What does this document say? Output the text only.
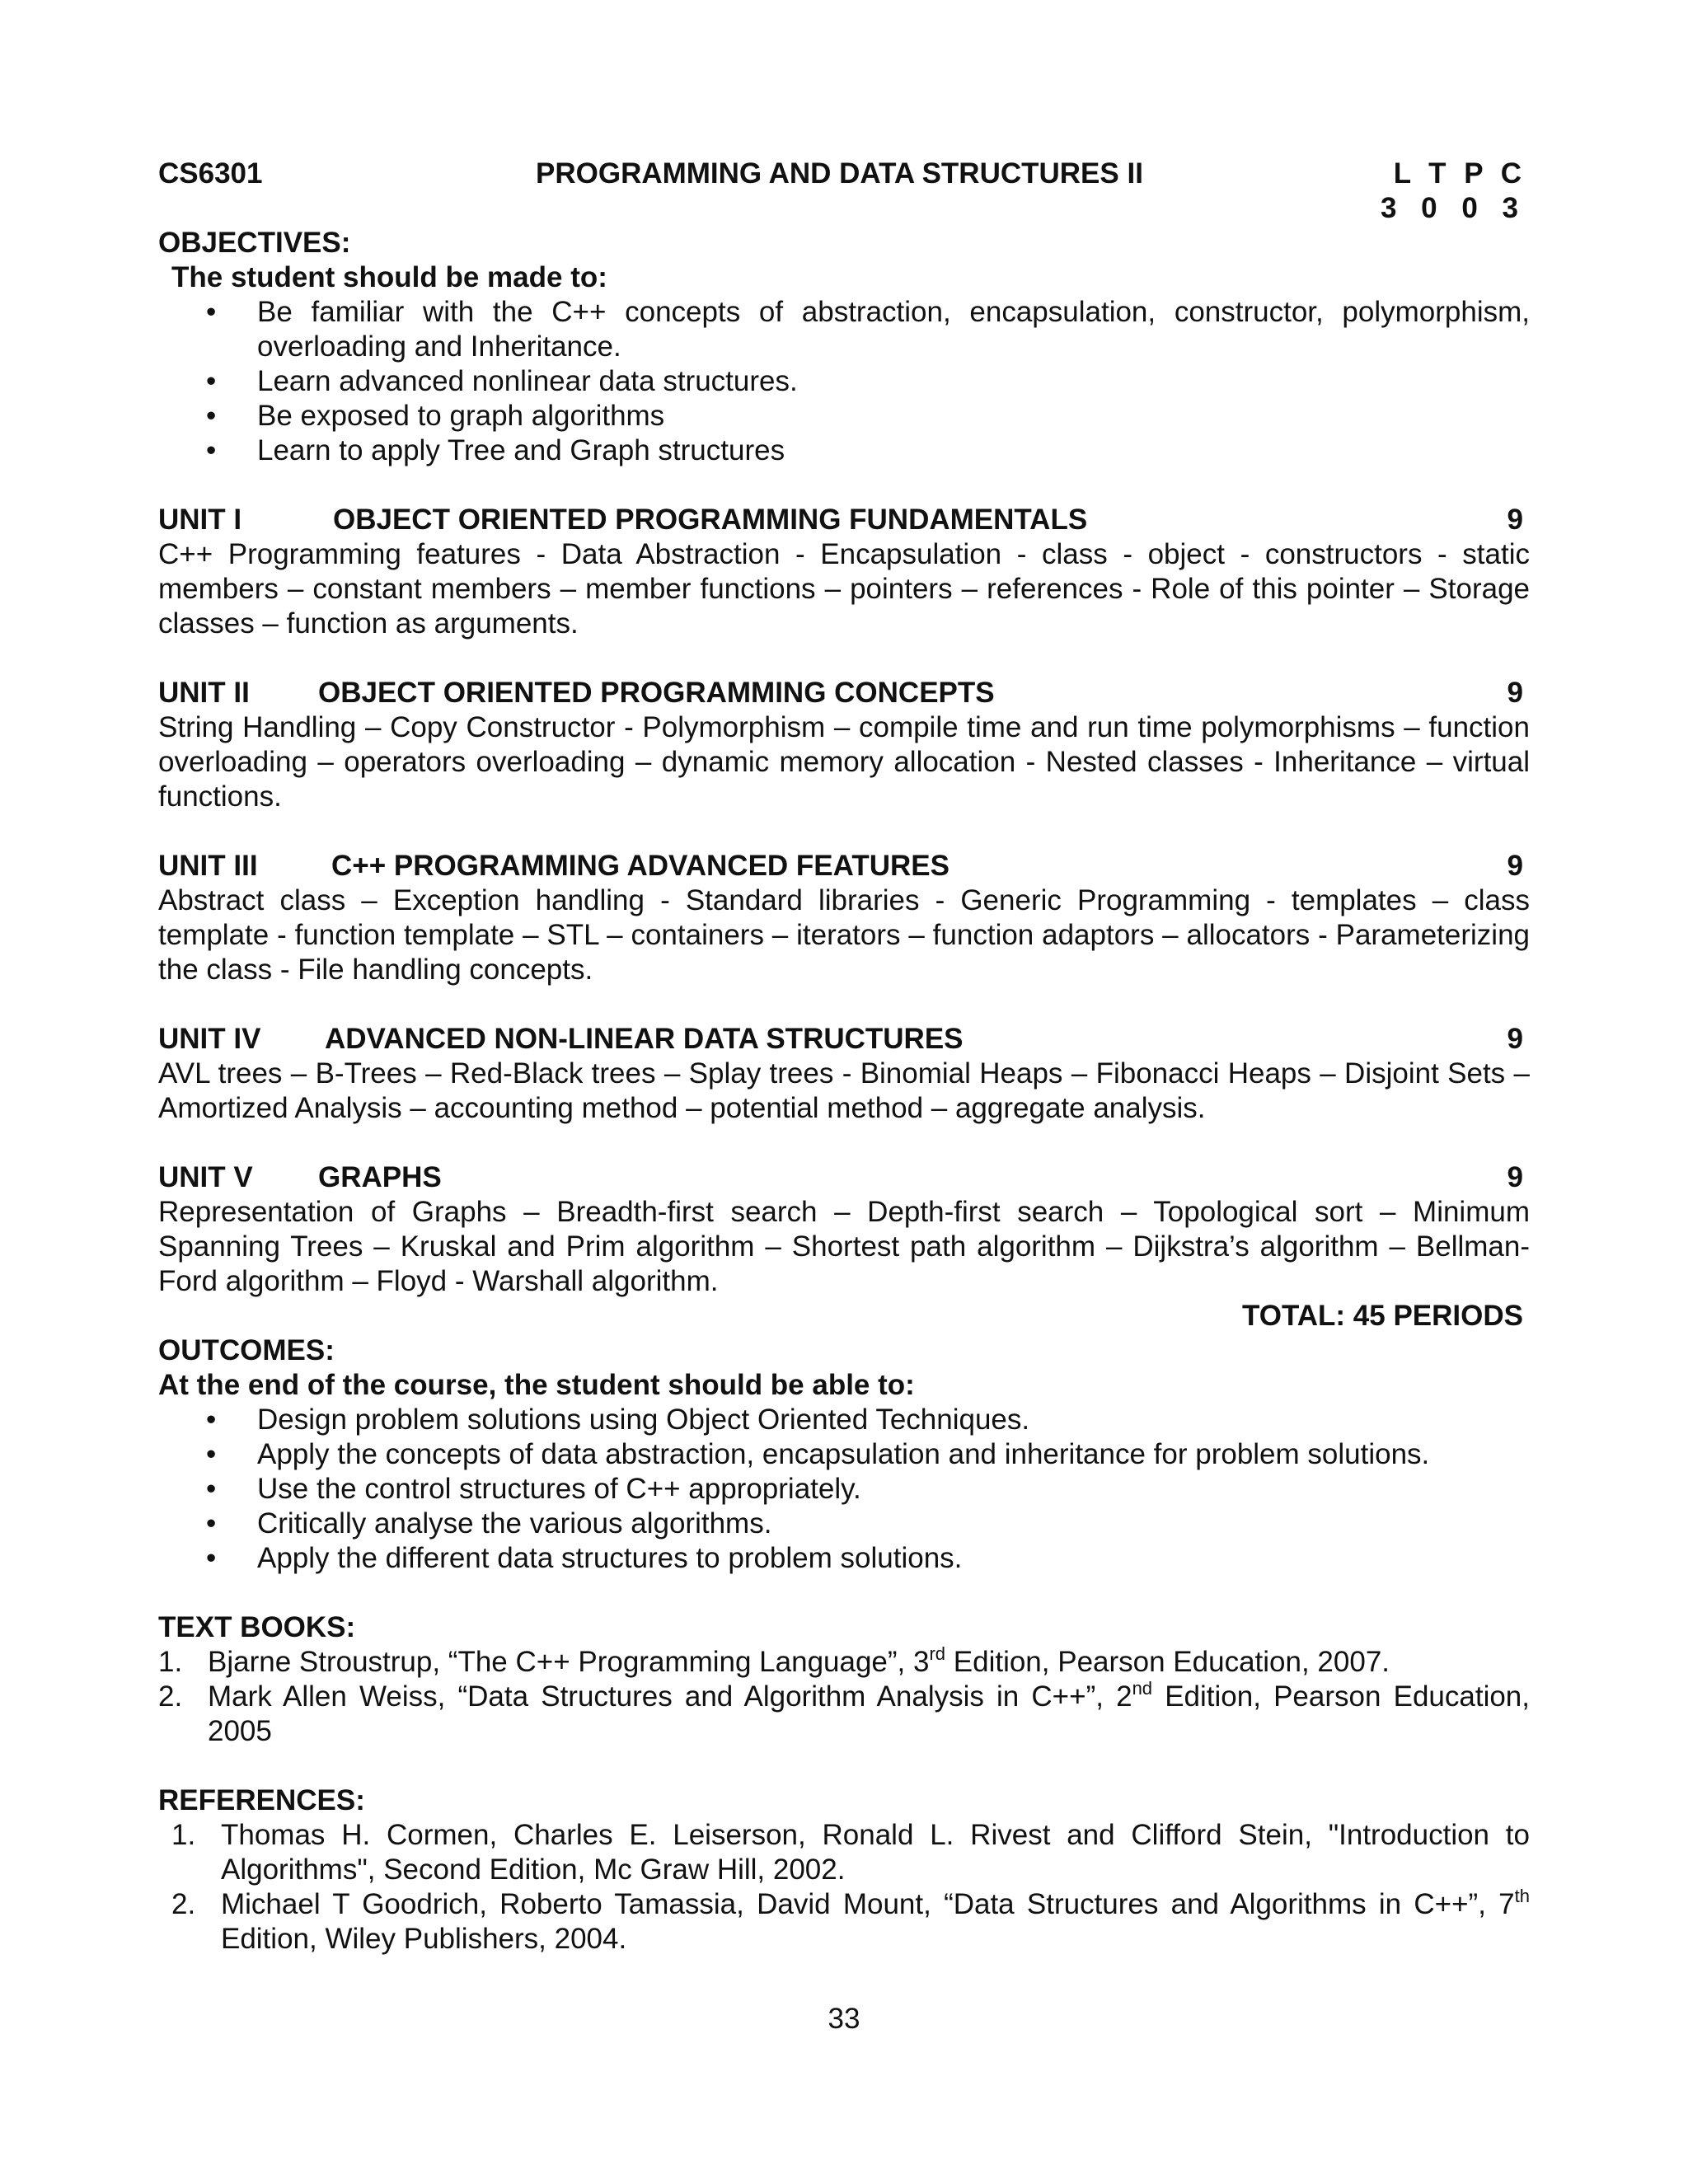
CS6301	PROGRAMMING AND DATA STRUCTURES II	L T P C
3 0 0 3
OBJECTIVES:
The student should be made to:
• Be familiar with the C++ concepts of abstraction, encapsulation, constructor, polymorphism, overloading and Inheritance.
• Learn advanced nonlinear data structures.
• Be exposed to graph algorithms
• Learn to apply Tree and Graph structures
UNIT I	OBJECT ORIENTED PROGRAMMING FUNDAMENTALS	9
C++ Programming features - Data Abstraction - Encapsulation - class - object - constructors - static members – constant members – member functions – pointers – references - Role of this pointer – Storage classes – function as arguments.
UNIT II OBJECT ORIENTED PROGRAMMING CONCEPTS	9
String Handling – Copy Constructor - Polymorphism – compile time and run time polymorphisms – function overloading – operators overloading – dynamic memory allocation - Nested classes - Inheritance – virtual functions.
UNIT III	C++ PROGRAMMING ADVANCED FEATURES	9
Abstract class – Exception handling - Standard libraries - Generic Programming - templates – class template - function template – STL – containers – iterators – function adaptors – allocators - Parameterizing the class - File handling concepts.
UNIT IV ADVANCED NON-LINEAR DATA STRUCTURES	9
AVL trees – B-Trees – Red-Black trees – Splay trees - Binomial Heaps – Fibonacci Heaps – Disjoint Sets – Amortized Analysis – accounting method – potential method – aggregate analysis.
UNIT V GRAPHS	9
Representation of Graphs – Breadth-first search – Depth-first search – Topological sort – Minimum Spanning Trees – Kruskal and Prim algorithm – Shortest path algorithm – Dijkstra’s algorithm – Bellman-Ford algorithm – Floyd - Warshall algorithm.
TOTAL: 45 PERIODS
OUTCOMES:
At the end of the course, the student should be able to:
• Design problem solutions using Object Oriented Techniques.
• Apply the concepts of data abstraction, encapsulation and inheritance for problem solutions.
• Use the control structures of C++ appropriately.
• Critically analyse the various algorithms.
• Apply the different data structures to problem solutions.
TEXT BOOKS:
1. Bjarne Stroustrup, “The C++ Programming Language”, 3rd Edition, Pearson Education, 2007.
2. Mark Allen Weiss, “Data Structures and Algorithm Analysis in C++”, 2nd Edition, Pearson Education, 2005
REFERENCES:
1. Thomas H. Cormen, Charles E. Leiserson, Ronald L. Rivest and Clifford Stein, "Introduction to Algorithms", Second Edition, Mc Graw Hill, 2002.
2. Michael T Goodrich, Roberto Tamassia, David Mount, “Data Structures and Algorithms in C++”, 7th Edition, Wiley Publishers, 2004.
33
